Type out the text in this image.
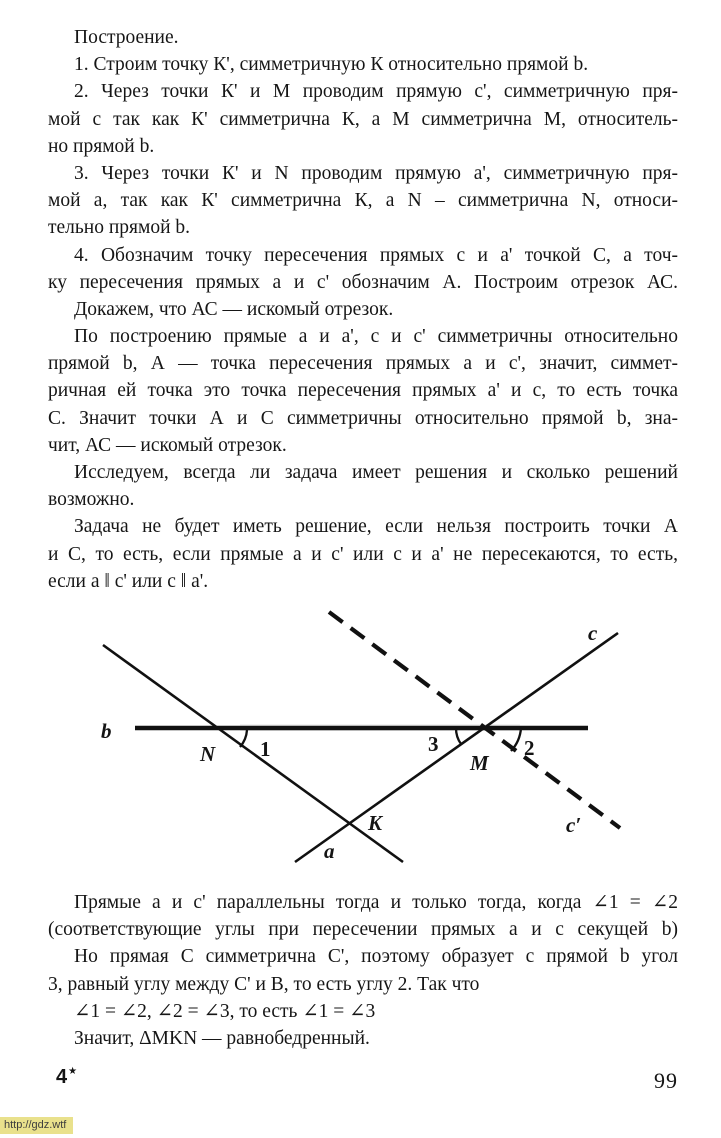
Построение.
1. Строим точку К', симметричную К относительно прямой b.
2. Через точки К' и М проводим прямую с', симметричную пря-
мой с так как К' симметрична К, а М симметрична М, относитель-
но прямой b.
3. Через точки К' и N проводим прямую а', симметричную пря-
мой а, так как К' симметрична К, а N – симметрична N, относи-
тельно прямой b.
4. Обозначим точку пересечения прямых с и а' точкой С, а точ-
ку пересечения прямых а и с' обозначим А. Построим отрезок АС.
Докажем, что АС — искомый отрезок.
По построению прямые а и а', с и с' симметричны относительно
прямой b, А — точка пересечения прямых а и с', значит, симмет-
ричная ей точка это точка пересечения прямых а' и с, то есть точка
С. Значит точки А и С симметричны относительно прямой b, зна-
чит, АС — искомый отрезок.
Исследуем, всегда ли задача имеет решения и сколько решений
возможно.
Задача не будет иметь решение, если нельзя построить точки А
и С, то есть, если прямые а и с' или с и а' не пересекаются, то есть,
если а ‖ с' или с ‖ а'.
b
N 1	3
M
2
c
c′
K
a
Прямые а и с' параллельны тогда и только тогда, когда ∠1 = ∠2
(соответствующие углы при пересечении прямых а и с секущей b)
Но прямая С симметрична С', поэтому образует с прямой b угол
3, равный углу между С' и В, то есть углу 2. Так что
∠1 = ∠2, ∠2 = ∠3, то есть ∠1 = ∠3
Значит, ΔMKN — равнобедренный.
4★	99
http://gdz.wtf
